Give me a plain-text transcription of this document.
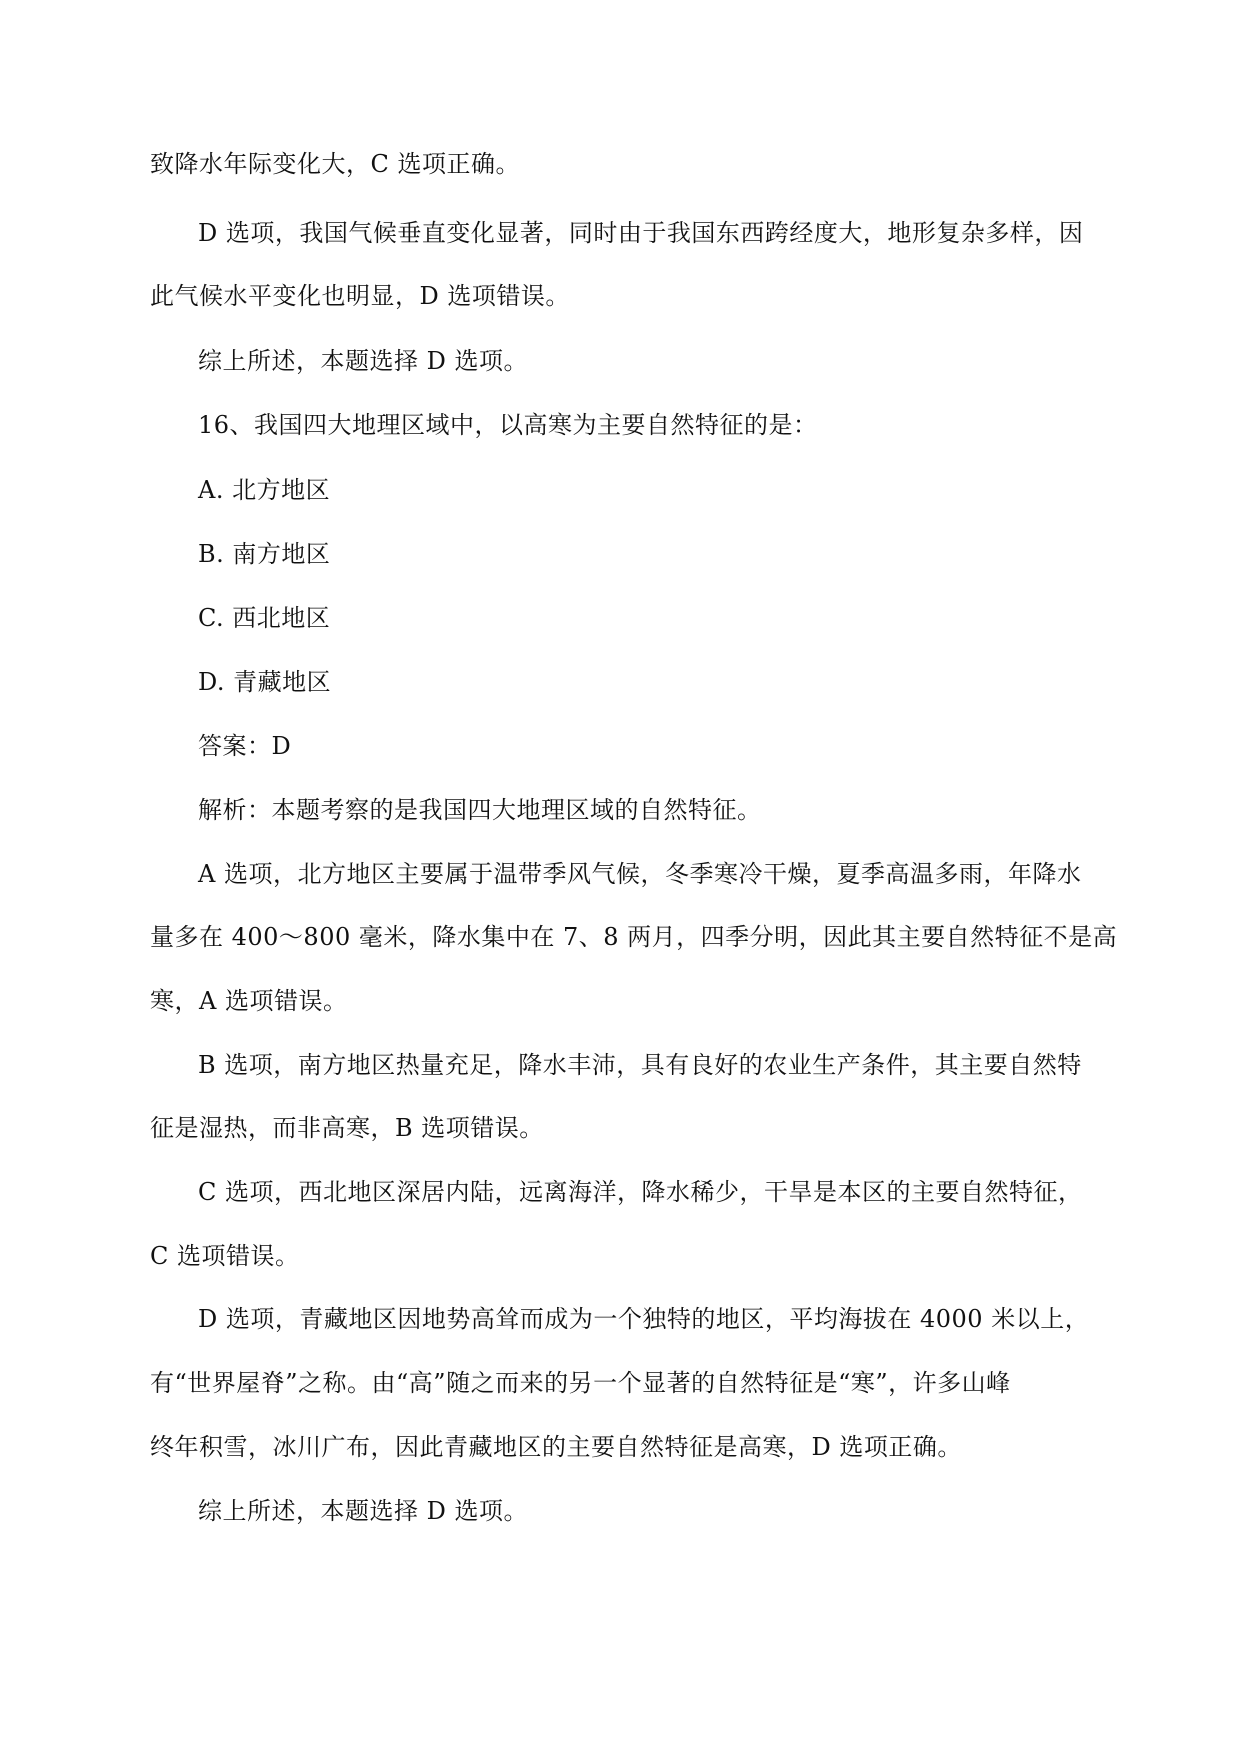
致降水年际变化大，C 选项正确。
D 选项，我国气候垂直变化显著，同时由于我国东西跨经度大，地形复杂多样，因
此气候水平变化也明显，D 选项错误。
综上所述，本题选择 D 选项。
16、我国四大地理区域中，以高寒为主要自然特征的是：
A. 北方地区
B. 南方地区
C. 西北地区
D. 青藏地区
答案：D
解析：本题考察的是我国四大地理区域的自然特征。
A 选项，北方地区主要属于温带季风气候，冬季寒冷干燥，夏季高温多雨，年降水
量多在 400～800 毫米，降水集中在 7、8 两月，四季分明，因此其主要自然特征不是高
寒，A 选项错误。
B 选项，南方地区热量充足，降水丰沛，具有良好的农业生产条件，其主要自然特
征是湿热，而非高寒，B 选项错误。
C 选项，西北地区深居内陆，远离海洋，降水稀少，干旱是本区的主要自然特征，
C 选项错误。
D 选项，青藏地区因地势高耸而成为一个独特的地区，平均海拔在 4000 米以上，
有“世界屋脊”之称。由“高”随之而来的另一个显著的自然特征是“寒”，许多山峰
终年积雪，冰川广布，因此青藏地区的主要自然特征是高寒，D 选项正确。
综上所述，本题选择 D 选项。
